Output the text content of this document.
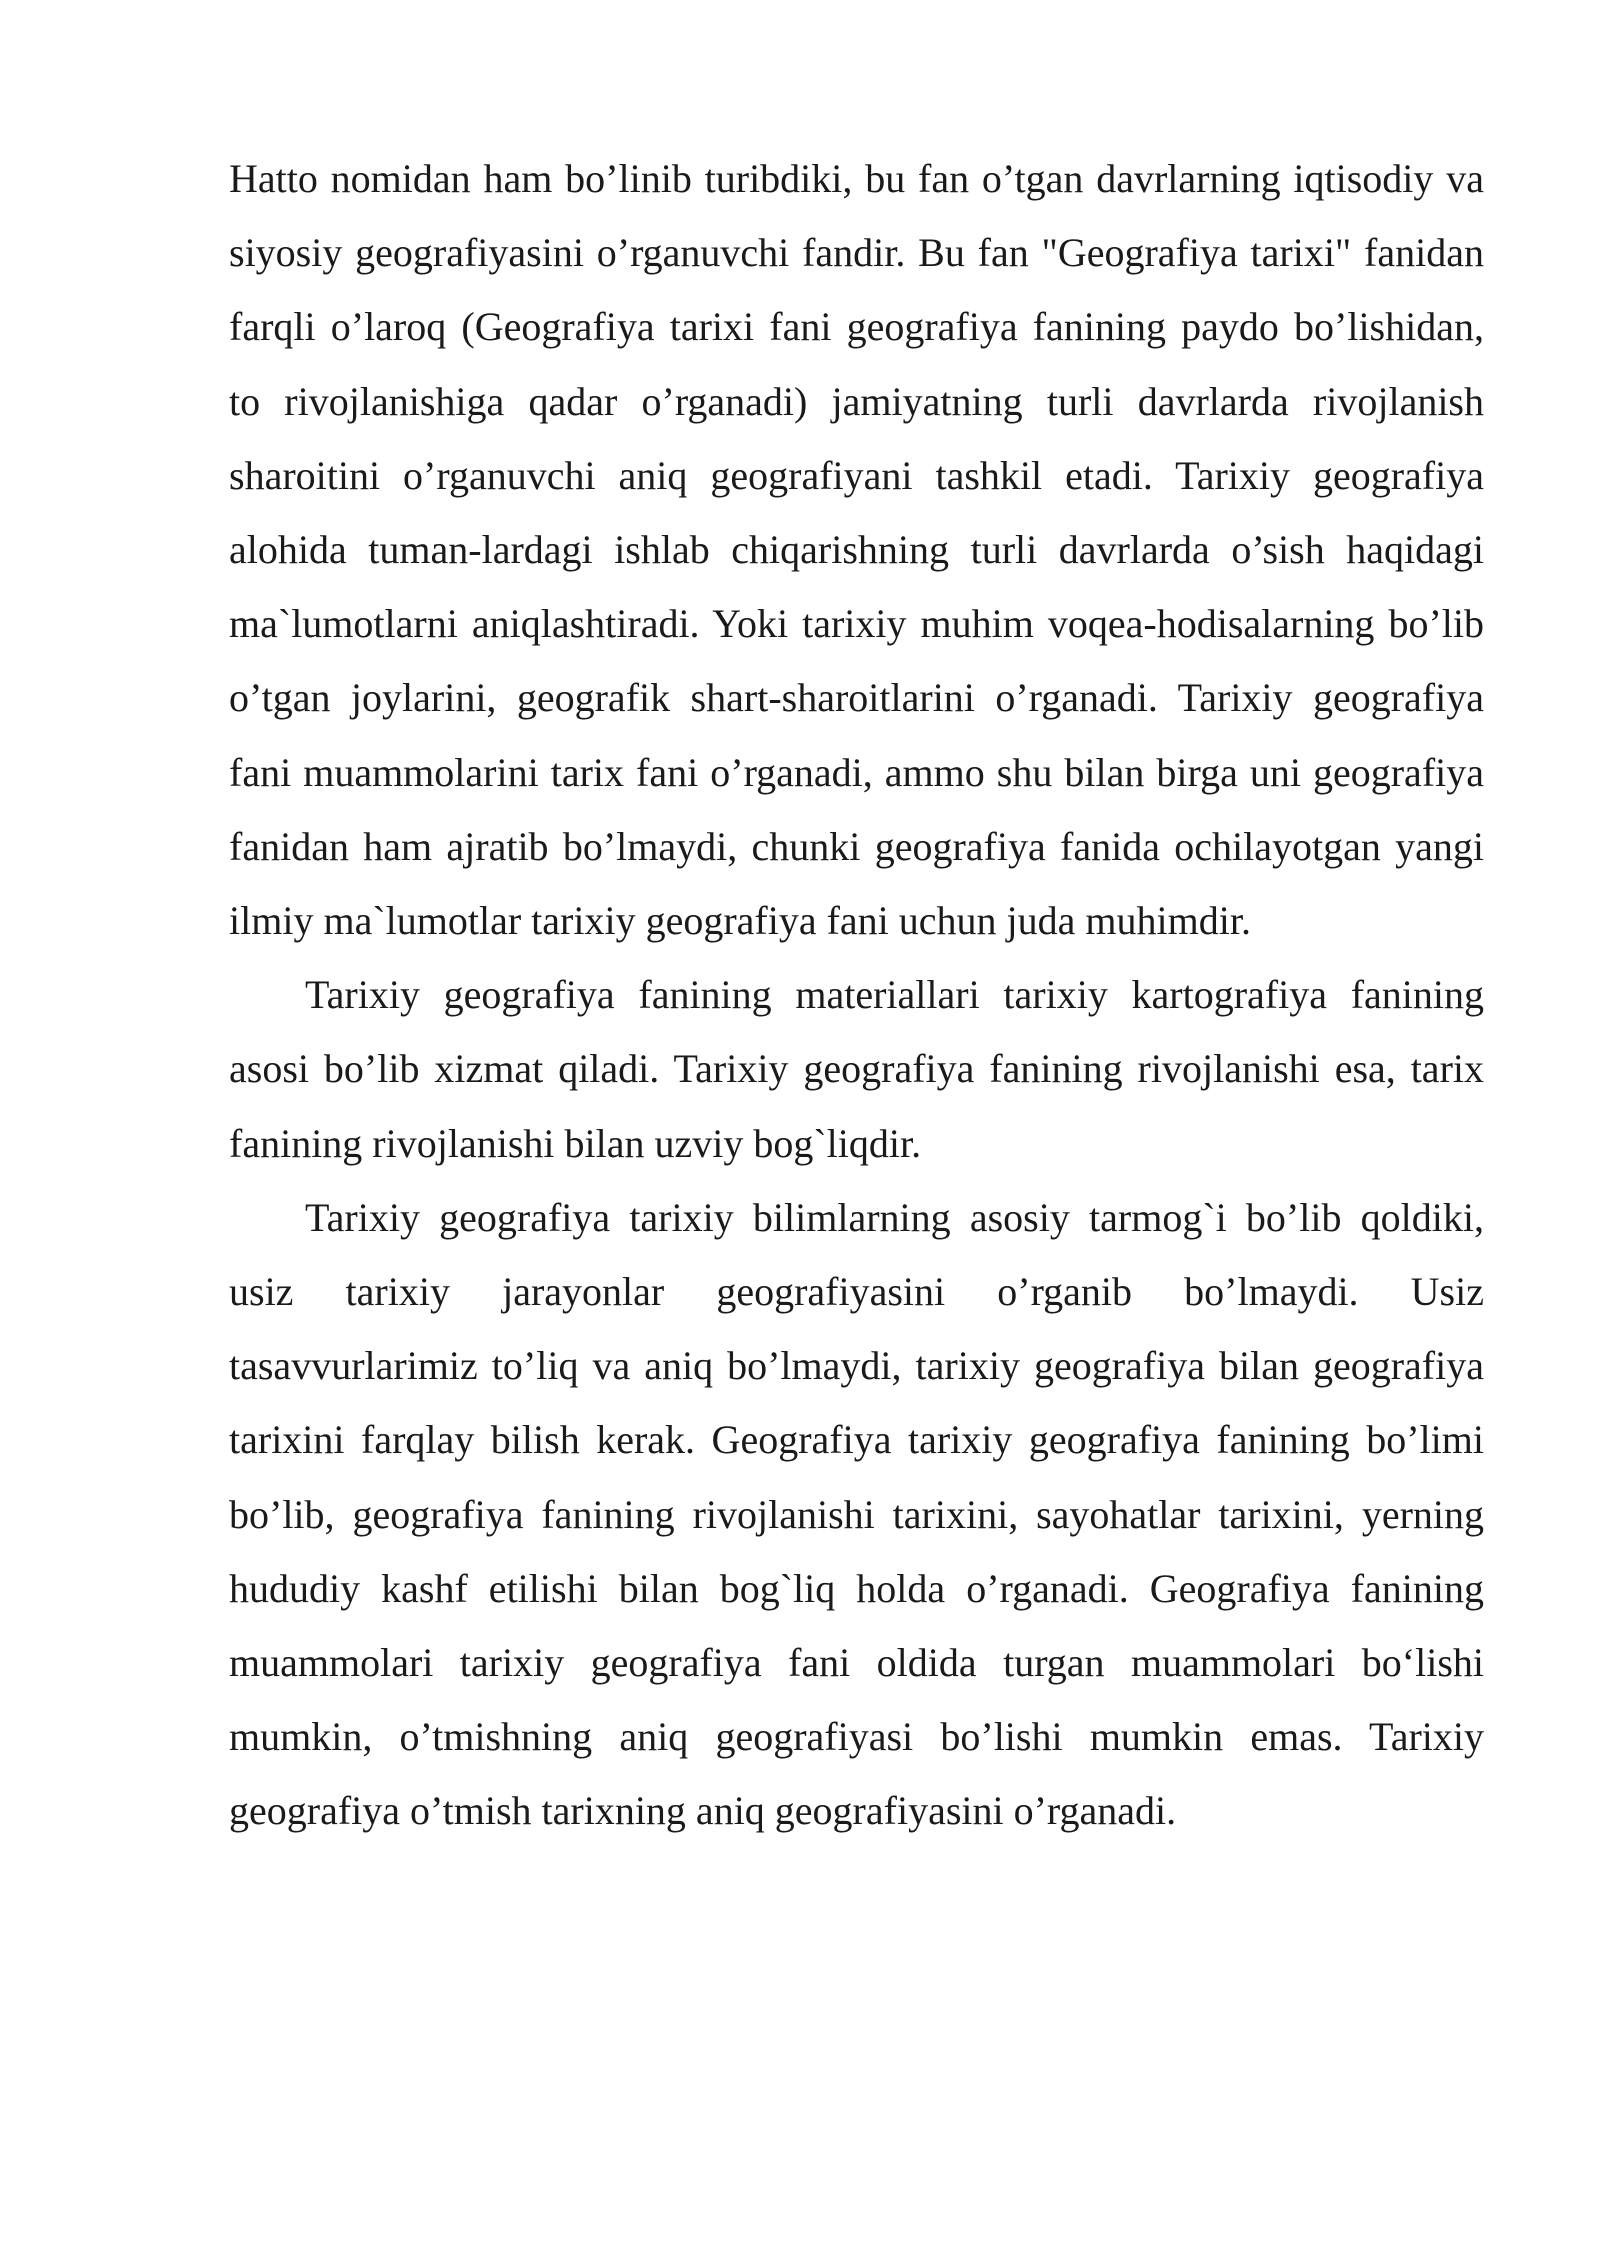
Hatto nomidan ham bo’linib turibdiki, bu fan o’tgan davrlarning iqtisodiy va siyosiy geografiyasini o’rganuvchi fandir. Bu fan "Geografiya tarixi" fanidan farqli o’laroq (Geografiya tarixi fani geografiya fanining paydo bo’lishidan, to rivojlanishiga qadar o’rganadi) jamiyatning turli davrlarda rivojlanish sharoitini o’rganuvchi aniq geografiyani tashkil etadi. Tarixiy geografiya alohida tuman-lardagi ishlab chiqarishning turli davrlarda o’sish haqidagi ma`lumotlarni aniqlashtiradi. Yoki tarixiy muhim voqea-hodisalarning bo’lib o’tgan joylarini, geografik shart-sharoitlarini o’rganadi. Tarixiy geografiya fani muammolarini tarix fani o’rganadi, ammo shu bilan birga uni geografiya fanidan ham ajratib bo’lmaydi, chunki geografiya fanida ochilayotgan yangi ilmiy ma`lumotlar tarixiy geografiya fani uchun juda muhimdir.

Tarixiy geografiya fanining materiallari tarixiy kartografiya fanining asosi bo’lib xizmat qiladi. Tarixiy geografiya fanining rivojlanishi esa, tarix fanining rivojlanishi bilan uzviy bog`liqdir.

Tarixiy geografiya tarixiy bilimlarning asosiy tarmog`i bo’lib qoldiki, usiz tarixiy jarayonlar geografiyasini o’rganib bo’lmaydi. Usiz tasavvurlarimiz to’liq va aniq bo’lmaydi, tarixiy geografiya bilan geografiya tarixini farqlay bilish kerak. Geografiya tarixiy geografiya fanining bo’limi bo’lib, geografiya fanining rivojlanishi tarixini, sayohatlar tarixini, yerning hududiy kashf etilishi bilan bog`liq holda o’rganadi. Geografiya fanining muammolari tarixiy geografiya fani oldida turgan muammolari bo‘lishi mumkin, o’tmishning aniq geografiyasi bo’lishi mumkin emas. Tarixiy geografiya o’tmish tarixning aniq geografiyasini o’rganadi.
